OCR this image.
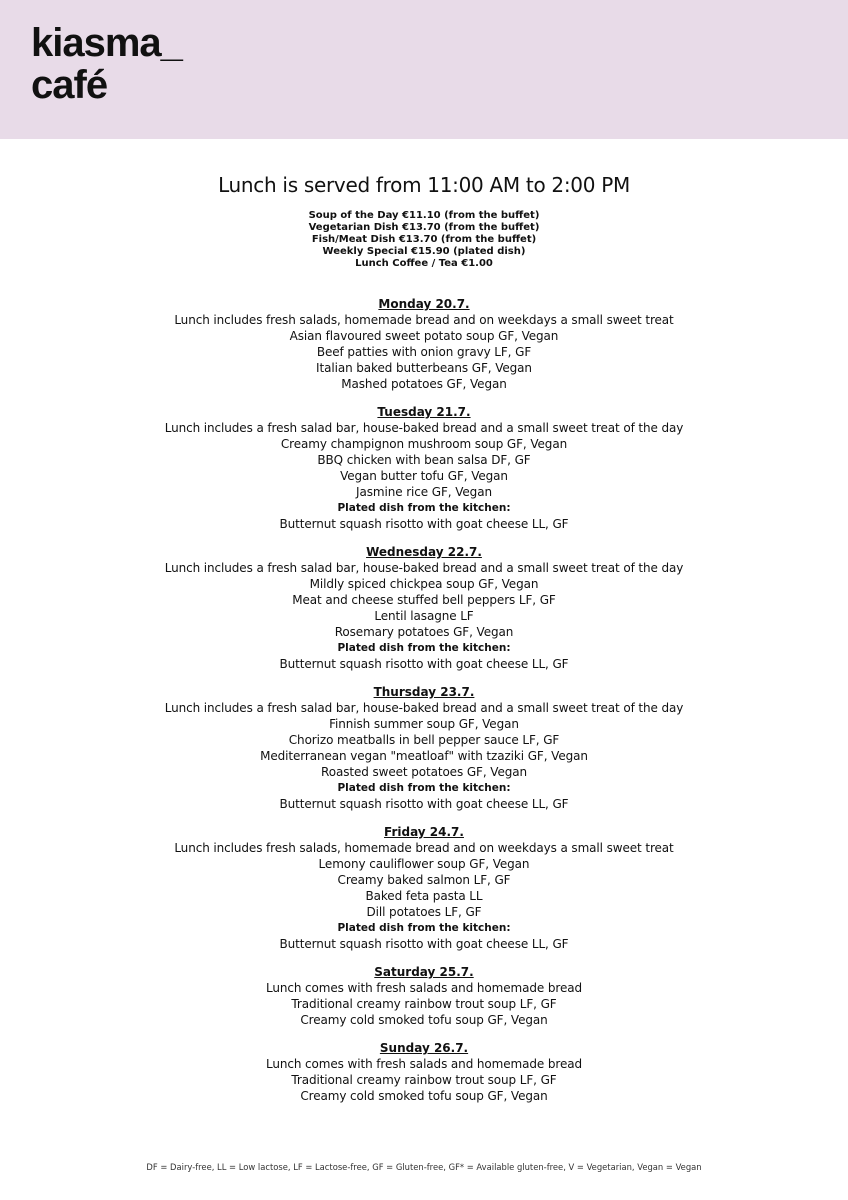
kiasma_
café
Lunch is served from 11:00 AM to 2:00 PM
Soup of the Day €11.10 (from the buffet)
Vegetarian Dish €13.70 (from the buffet)
Fish/Meat Dish €13.70 (from the buffet)
Weekly Special €15.90 (plated dish)
Lunch Coffee / Tea €1.00
Monday 20.7.
Lunch includes fresh salads, homemade bread and on weekdays a small sweet treat
Asian flavoured sweet potato soup GF, Vegan
Beef patties with onion gravy LF, GF
Italian baked butterbeans GF, Vegan
Mashed potatoes GF, Vegan
Tuesday 21.7.
Lunch includes a fresh salad bar, house-baked bread and a small sweet treat of the day
Creamy champignon mushroom soup GF, Vegan
BBQ chicken with bean salsa DF, GF
Vegan butter tofu GF, Vegan
Jasmine rice GF, Vegan
Plated dish from the kitchen:
Butternut squash risotto with goat cheese LL, GF
Wednesday 22.7.
Lunch includes a fresh salad bar, house-baked bread and a small sweet treat of the day
Mildly spiced chickpea soup GF, Vegan
Meat and cheese stuffed bell peppers LF, GF
Lentil lasagne LF
Rosemary potatoes GF, Vegan
Plated dish from the kitchen:
Butternut squash risotto with goat cheese LL, GF
Thursday 23.7.
Lunch includes a fresh salad bar, house-baked bread and a small sweet treat of the day
Finnish summer soup GF, Vegan
Chorizo meatballs in bell pepper sauce LF, GF
Mediterranean vegan "meatloaf" with tzaziki GF, Vegan
Roasted sweet potatoes GF, Vegan
Plated dish from the kitchen:
Butternut squash risotto with goat cheese LL, GF
Friday 24.7.
Lunch includes fresh salads, homemade bread and on weekdays a small sweet treat
Lemony cauliflower soup GF, Vegan
Creamy baked salmon LF, GF
Baked feta pasta LL
Dill potatoes LF, GF
Plated dish from the kitchen:
Butternut squash risotto with goat cheese LL, GF
Saturday 25.7.
Lunch comes with fresh salads and homemade bread
Traditional creamy rainbow trout soup LF, GF
Creamy cold smoked tofu soup GF, Vegan
Sunday 26.7.
Lunch comes with fresh salads and homemade bread
Traditional creamy rainbow trout soup LF, GF
Creamy cold smoked tofu soup GF, Vegan
DF = Dairy-free, LL = Low lactose, LF = Lactose-free, GF = Gluten-free, GF* = Available gluten-free, V = Vegetarian, Vegan = Vegan
